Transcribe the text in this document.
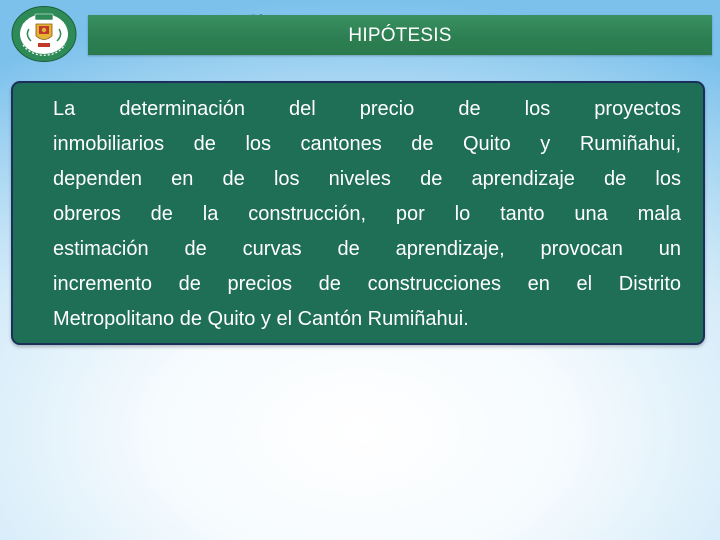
HIPÓTESIS
La determinación del precio de los proyectos
inmobiliarios de los cantones de Quito y Rumiñahui,
dependen en de los niveles de aprendizaje de los
obreros de la construcción, por lo tanto una mala
estimación de curvas de aprendizaje, provocan un
incremento de precios de construcciones en el Distrito
Metropolitano de Quito y el Cantón Rumiñahui.
